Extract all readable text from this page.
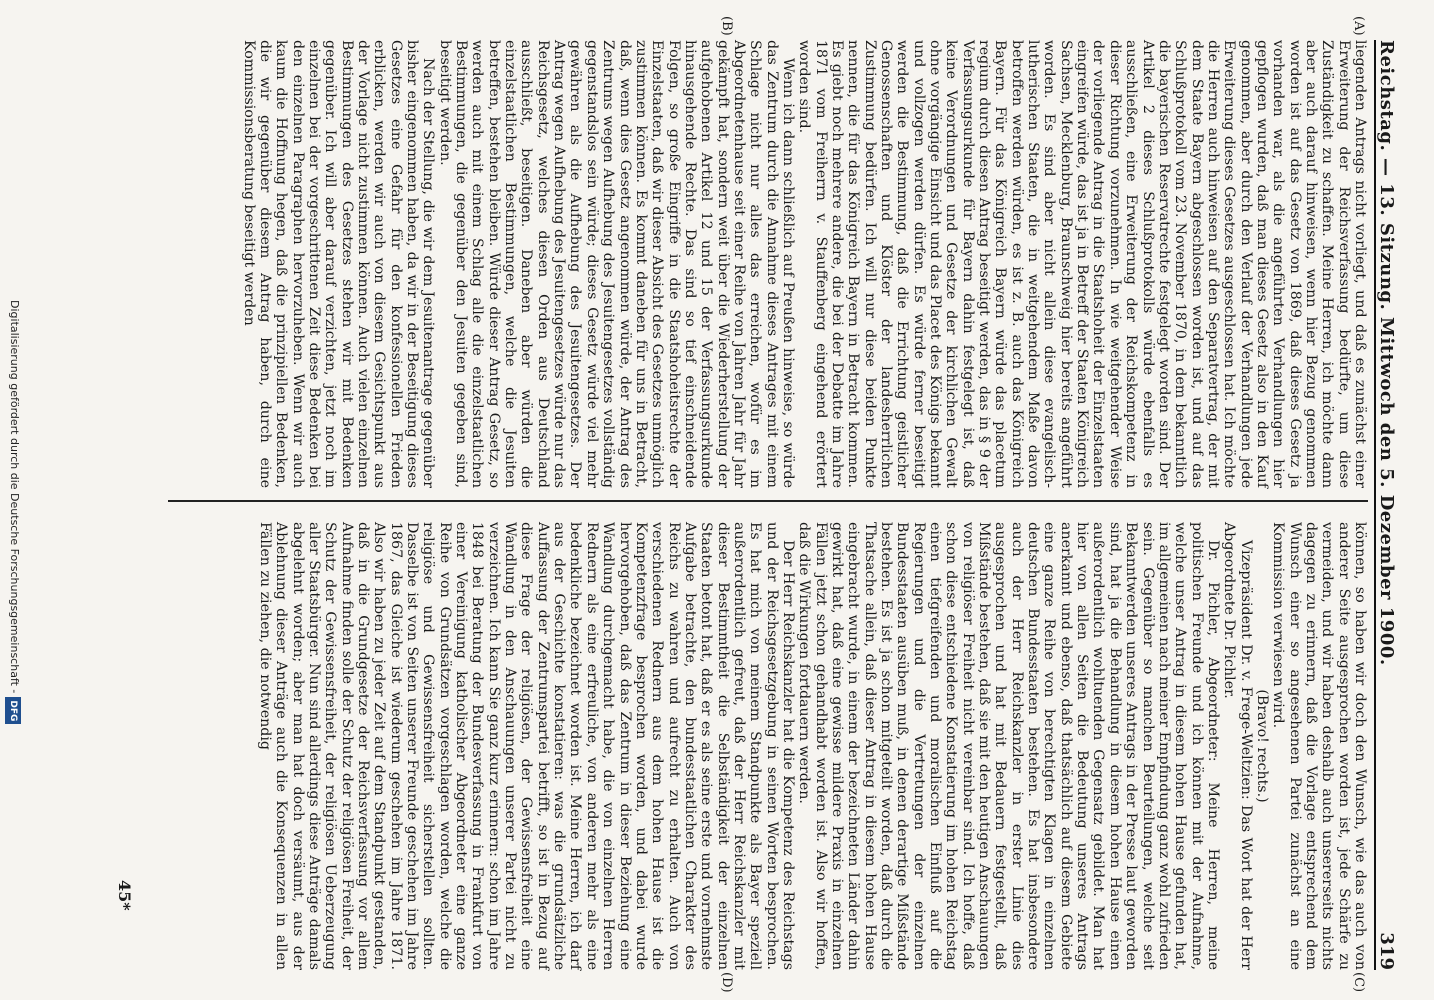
Reichstag. — 13. Sitzung. Mittwoch den 5. Dezember 1900.
319
(A)
(B)
(C)
(D)

liegenden Antrags nicht vorliegt, und daß es zunächst einer Erweiterung der Reichsverfassung bedürfte, um diese Zuständigkeit zu schaffen. Meine Herren, ich möchte dann aber auch darauf hinweisen, wenn hier Bezug genommen worden ist auf das Gesetz von 1869, daß dieses Gesetz ja vorhanden war, als die angeführten Verhandlungen hier gepflogen wurden, daß man dieses Gesetz also in den Kauf genommen, aber durch den Verlauf der Verhandlungen jede Erweiterung dieses Gesetzes ausgeschlossen hat. Ich möchte die Herren auch hinweisen auf den Separatvertrag, der mit dem Staate Bayern abgeschlossen worden ist, und auf das Schlußprotokoll vom 23. November 1870, in dem bekanntlich die bayerischen Reservatrechte festgelegt worden sind. Der Artikel 2 dieses Schlußprotokolls würde ebenfalls es ausschließen, eine Erweiterung der Reichskompetenz in dieser Richtung vorzunehmen. In wie weitgehender Weise der vorliegende Antrag in die Staatshoheit der Einzelstaaten eingreifen würde, das ist ja in Betreff der Staaten Königreich Sachsen, Mecklenburg, Braunschweig hier bereits angeführt worden. Es sind aber nicht allein diese evangelisch-lutherischen Staaten, die in weitgehendem Maße davon betroffen werden würden, es ist z. B. auch das Königreich Bayern. Für das Königreich Bayern würde das placetum regium durch diesen Antrag beseitigt werden, das in § 9 der Verfassungsurkunde für Bayern dahin festgelegt ist, daß keine Verordnungen und Gesetze der kirchlichen Gewalt ohne vorgängige Einsicht und das Placet des Königs bekannt und vollzogen werden dürfen. Es würde ferner beseitigt werden die Bestimmung, daß die Errichtung geistlicher Genossenschaften und Klöster der landesherrlichen Zustimmung bedürfen. Ich will nur diese beiden Punkte nennen, die für das Königreich Bayern in Betracht kommen. Es giebt noch mehrere andere, die bei der Debatte im Jahre 1871 vom Freiherrn v. Stauffenberg eingehend erörtert worden sind.

Wenn ich dann schließlich auf Preußen hinweise, so würde das Zentrum durch die Annahme dieses Antrages mit einem Schlage nicht nur alles das erreichen, wofür es im Abgeordnetenhause seit einer Reihe von Jahren Jahr für Jahr gekämpft hat, sondern weit über die Wiederherstellung der aufgehobenen Artikel 12 und 15 der Verfassungsurkunde hinausgehende Rechte. Das sind so tief einschneidende Folgen, so große Eingriffe in die Staatshoheitsrechte der Einzelstaaten, daß wir dieser Absicht des Gesetzes unmöglich zustimmen können. Es kommt daneben für uns in Betracht, daß, wenn dies Gesetz angenommen würde, der Antrag des Zentrums wegen Aufhebung des Jesuitengesetzes vollständig gegenstandslos sein würde; dieses Gesetz würde viel mehr gewähren als die Aufhebung des Jesuitengesetzes. Der Antrag wegen Aufhebung des Jesuitengesetzes würde nur das Reichsgesetz, welches diesen Orden aus Deutschland ausschließt, beseitigen. Daneben aber würden die einzelstaatlichen Bestimmungen, welche die Jesuiten betreffen, bestehen bleiben. Würde dieser Antrag Gesetz, so werden auch mit einem Schlag alle die einzelstaatlichen Bestimmungen, die gegenüber den Jesuiten gegeben sind, beseitigt werden.

Nach der Stellung, die wir dem Jesuitenantrage gegenüber bisher eingenommen haben, da wir in der Beseitigung dieses Gesetzes eine Gefahr für den konfessionellen Frieden erblicken, werden wir auch von diesem Gesichtspunkt aus der Vorlage nicht zustimmen können. Auch vielen einzelnen Bestimmungen des Gesetzes stehen wir mit Bedenken gegenüber. Ich will aber darauf verzichten, jetzt noch im einzelnen bei der vorgeschrittenen Zeit diese Bedenken bei den einzelnen Paragraphen hervorzuheben. Wenn wir auch kaum die Hoffnung hegen, daß die prinzipiellen Bedenken, die wir gegenüber diesem Antrag haben, durch eine Kommissionsberatung beseitigt werden

können, so haben wir doch den Wunsch, wie das auch von anderer Seite ausgesprochen worden ist, jede Schärfe zu vermeiden, und wir haben deshalb auch unsererseits nichts dagegen zu erinnern, daß die Vorlage entsprechend dem Wunsch einer so angesehenen Partei zunächst an eine Kommission verwiesen wird.

(Bravo! rechts.)

Vizepräsident Dr. v. Frege-Weltzien: Das Wort hat der Herr Abgeordnete Dr. Pichler.

Dr. Pichler, Abgeordneter: Meine Herren, meine politischen Freunde und ich können mit der Aufnahme, welche unser Antrag in diesem hohen Hause gefunden hat, im allgemeinen nach meiner Empfindung ganz wohl zufrieden sein. Gegenüber so manchen Beurteilungen, welche seit Bekanntwerden unseres Antrags in der Presse laut geworden sind, hat ja die Behandlung in diesem hohen Hause einen außerordentlich wohltuenden Gegensatz gebildet. Man hat hier von allen Seiten die Bedeutung unseres Antrags anerkannt und ebenso, daß thatsächlich auf diesem Gebiete eine ganze Reihe von berechtigten Klagen in einzelnen deutschen Bundesstaaten bestehen. Es hat insbesondere auch der Herr Reichskanzler in erster Linie dies ausgesprochen und hat mit Bedauern festgestellt, daß Mißstände bestehen, daß sie mit den heutigen Anschauungen von religiöser Freiheit nicht vereinbar sind. Ich hoffe, daß schon diese entschiedene Konstatierung im hohen Reichstag einen tiefgreifenden und moralischen Einfluß auf die Regierungen und die Vertretungen der einzelnen Bundesstaaten ausüben muß, in denen derartige Mißstände bestehen. Es ist ja schon mitgeteilt worden, daß durch die Thatsache allein, daß dieser Antrag in diesem hohen Hause eingebracht wurde, in einem der bezeichneten Länder dahin gewirkt hat, daß eine gewisse mildere Praxis in einzelnen Fällen jetzt schon gehandhabt worden ist. Also wir hoffen, daß die Wirkungen fortdauern werden.

Der Herr Reichskanzler hat die Kompetenz des Reichstags und der Reichsgesetzgebung in seinen Worten besprochen. Es hat mich von meinem Standpunkte als Bayer speziell außerordentlich gefreut, daß der Herr Reichskanzler mit dieser Bestimmtheit die Selbständigkeit der einzelnen Staaten betont hat, daß er es als seine erste und vornehmste Aufgabe betrachte, den bundesstaatlichen Charakter des Reichs zu wahren und aufrecht zu erhalten. Auch von verschiedenen Rednern aus dem hohen Hause ist die Kompetenzfrage besprochen worden, und dabei wurde hervorgehoben, daß das Zentrum in dieser Beziehung eine Wandlung durchgemacht habe, die von einzelnen Herren Rednern als eine erfreuliche, von anderen mehr als eine bedenkliche bezeichnet worden ist. Meine Herren, ich darf aus der Geschichte konstatieren: was die grundsätzliche Auffassung der Zentrumspartei betrifft, so ist in Bezug auf diese Frage der religiösen, der Gewissensfreiheit eine Wandlung in den Anschauungen unserer Partei nicht zu verzeichnen. Ich kann Sie ganz kurz erinnern: schon im Jahre 1848 bei Beratung der Bundesverfassung in Frankfurt von einer Vereinigung katholischer Abgeordneter eine ganze Reihe von Grundsätzen vorgeschlagen worden, welche die religiöse und Gewissensfreiheit sicherstellen sollten. Dasselbe ist von Seiten unserer Freunde geschehen im Jahre 1867, das Gleiche ist wiederum geschehen im Jahre 1871. Also wir haben zu jeder Zeit auf dem Standpunkt gestanden, daß in die Grundgesetze der Reichsverfassung vor allem Aufnahme finden solle der Schutz der religiösen Freiheit, der Schutz der Gewissensfreiheit, der religiösen Ueberzeugung aller Staatsbürger. Nun sind allerdings diese Anträge damals abgelehnt worden; aber man hat doch versäumt, aus der Ablehnung dieser Anträge auch die Konsequenzen in allen Fällen zu ziehen, die notwendig

45*
Digitalisierung gefördert durch die Deutsche Forschungsgemeinschaft -DFG
